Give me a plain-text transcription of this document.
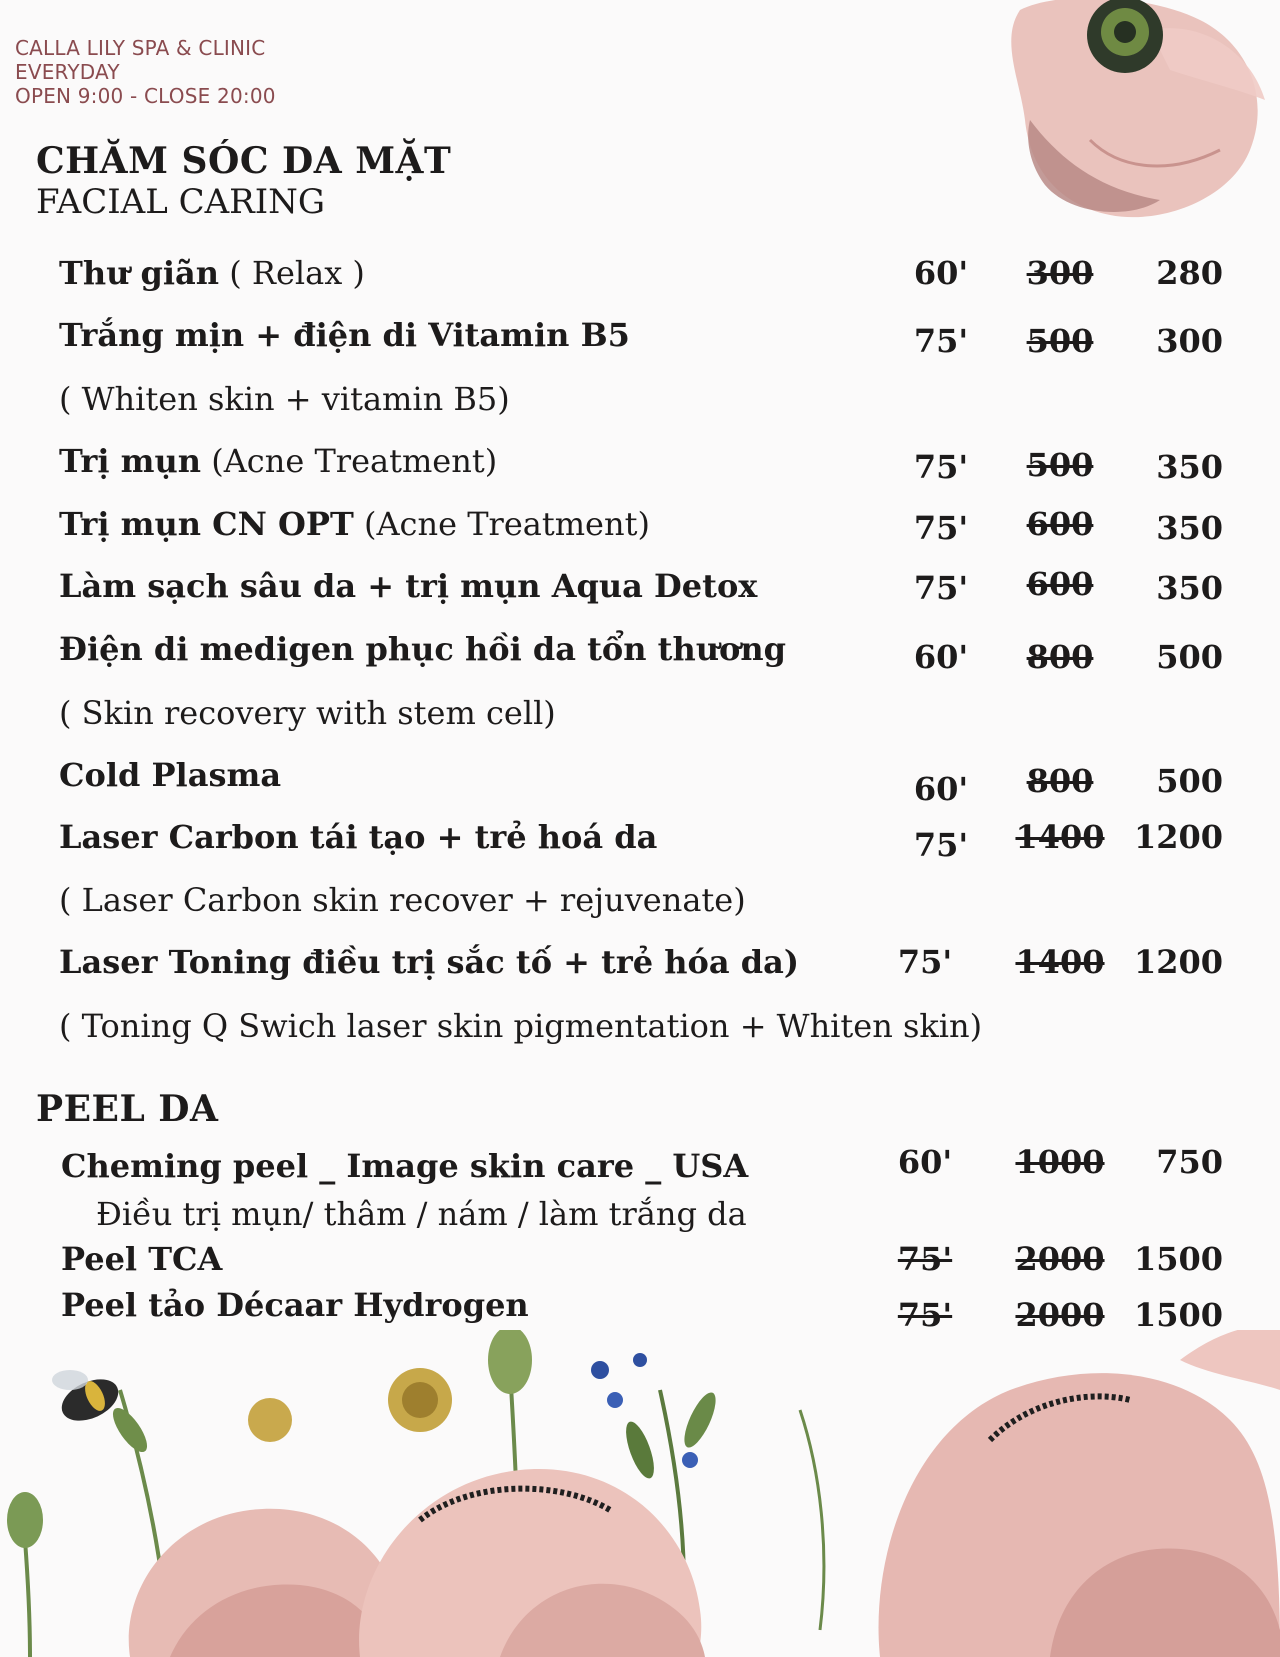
CALLA LILY SPA & CLINIC
EVERYDAY
OPEN 9:00 - CLOSE 20:00
CHĂM SÓC DA MẶT
FACIAL CARING
Thư giãn ( Relax )	60'	300	280
Trắng mịn + điện di Vitamin B5	75'	500	300
( Whiten skin + vitamin B5)
Trị mụn (Acne Treatment)	75'	500	350
Trị mụn CN OPT (Acne Treatment)	75'	600	350
Làm sạch sâu da + trị mụn Aqua Detox	75'	600	350
Điện di medigen phục hồi da tổn thương	60'	800	500
( Skin recovery with stem cell)
Cold Plasma	60'	800	500
Laser Carbon tái tạo + trẻ hoá da	75' 1400 1200
( Laser Carbon skin recover + rejuvenate)
Laser Toning điều trị sắc tố + trẻ hóa da)	75' 1400 1200
( Toning Q Swich laser skin pigmentation + Whiten skin)
PEEL DA
Cheming peel _ Image skin care _ USA	60' 1000	750
Điều trị mụn/ thâm / nám / làm trắng da
Peel TCA	75' 2000 1500
Peel tảo Décaar Hydrogen	75' 2000 1500
